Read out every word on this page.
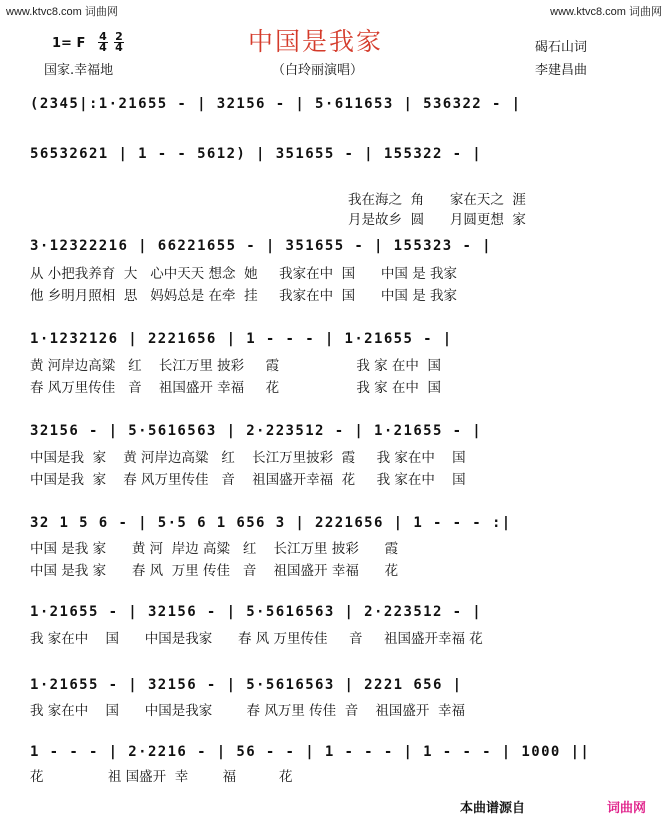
www.ktvc8.com 词曲网	www.ktvc8.com 词曲网
中国是我家
1= F 4
4
2
4
国家.幸福地	（白玲丽演唱）
碣石山词
李建昌曲
(2345|:1·21655 - | 32156 - | 5·611653 | 536322 - |
56532621 | 1 - - 5612) | 351655 - | 155322 - |

我在海之  角      家在天之  涯

月是故乡  圆      月圆更想  家

3·12322216 | 66221655 - | 351655 - | 155323 - |
从 小把我养育  大   心中天天 想念  她     我家在中  国      中国 是 我家
他 乡明月照相  思   妈妈总是 在牵  挂     我家在中  国      中国 是 我家
1·1232126 | 2221656 | 1 - - - | 1·21655 - |
黄 河岸边高粱   红    长江万里 披彩     霞                  我 家 在中  国
春 风万里传佳   音    祖国盛开 幸福     花                  我 家 在中  国
32156 - | 5·5616563 | 2·223512 - | 1·21655 - |
中国是我  家    黄 河岸边高粱   红    长江万里披彩  霞     我 家在中    国
中国是我  家    春 风万里传佳   音    祖国盛开幸福  花     我 家在中    国
32 1 5 6 - | 5·5 6 1 656 3 | 2221656 | 1 - - - :|
中国 是我 家      黄 河  岸边 高粱   红    长江万里 披彩      霞
中国 是我 家      春 风  万里 传佳   音    祖国盛开 幸福      花
1·21655 - | 32156 - | 5·5616563 | 2·223512 - |
我 家在中    国      中国是我家      春 风 万里传佳     音     祖国盛开幸福 花
1·21655 - | 32156 - | 5·5616563 | 2221 656 |
我 家在中    国      中国是我家        春 风万里 传佳  音    祖国盛开  幸福
1 - - - | 2·2216 - | 56 - - | 1 - - - | 1 - - - | 1000 ||
花               祖 国盛开  幸        福          花
本曲谱源自	词曲网
